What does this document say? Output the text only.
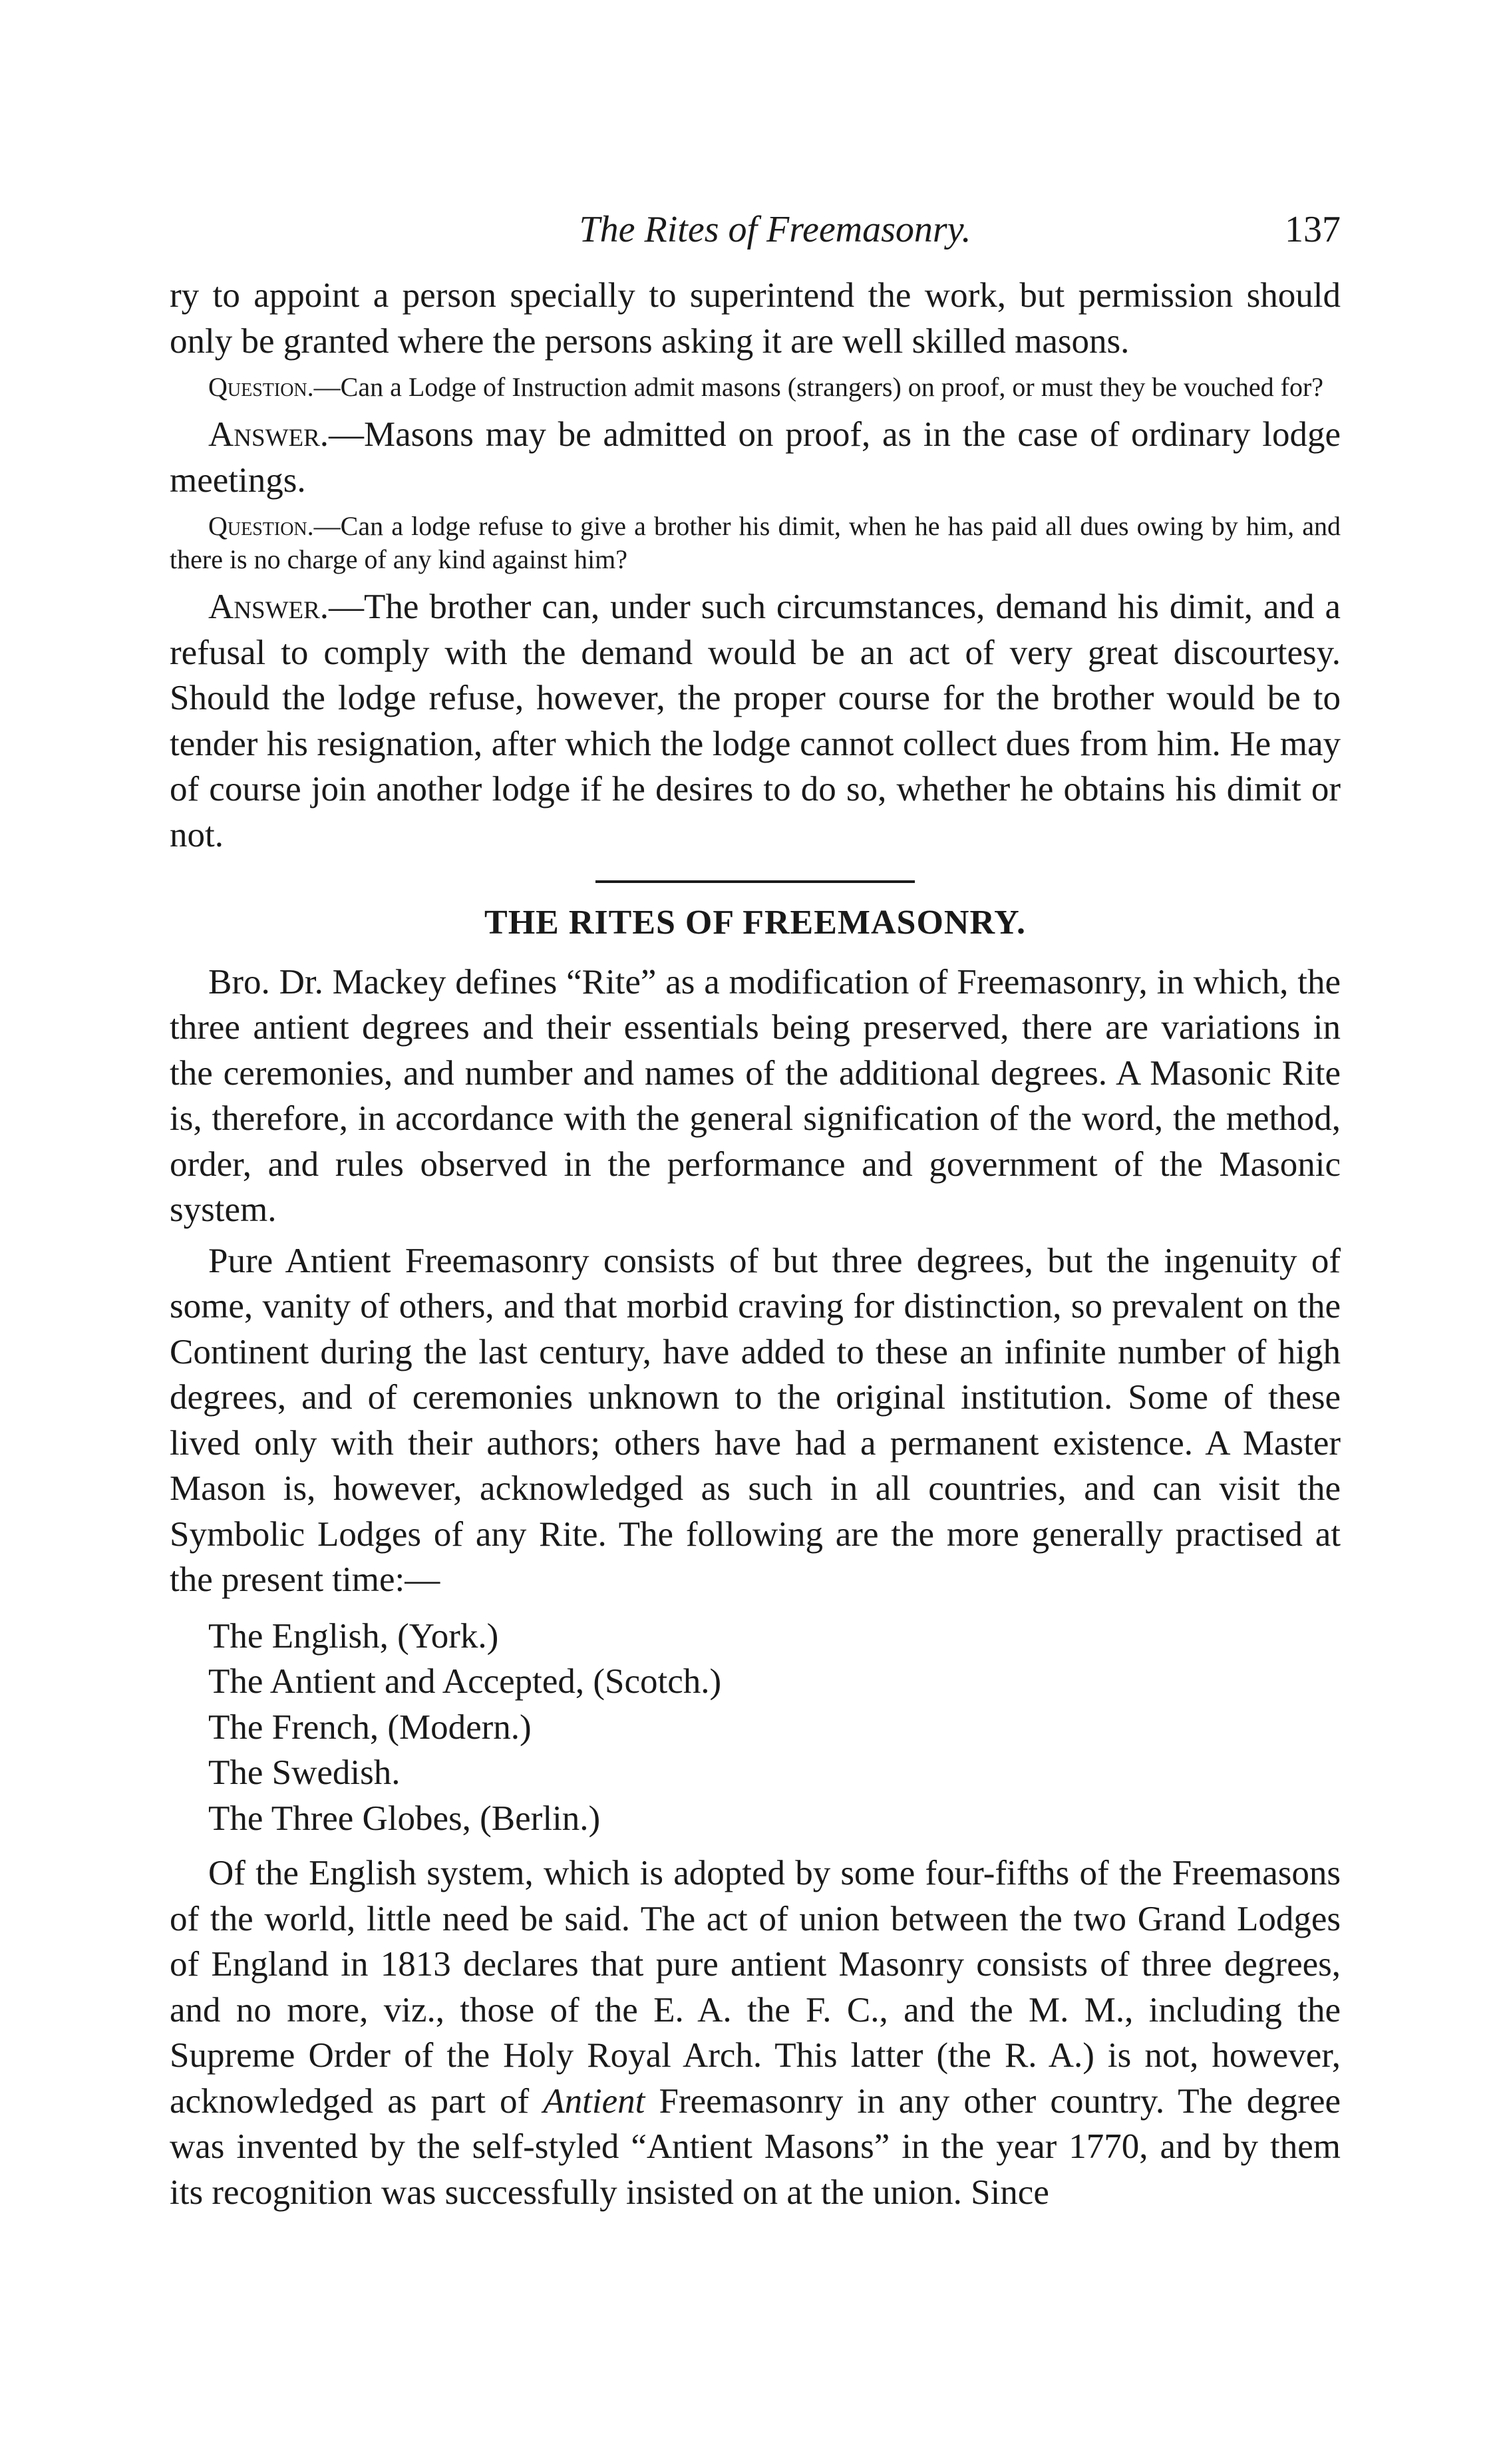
The Rites of Freemasonry.	137

ry to appoint a person specially to superintend the work, but permission should only be granted where the persons asking it are well skilled masons.

Question.—Can a Lodge of Instruction admit masons (strangers) on proof, or must they be vouched for?

Answer.—Masons may be admitted on proof, as in the case of ordinary lodge meetings.

Question.—Can a lodge refuse to give a brother his dimit, when he has paid all dues owing by him, and there is no charge of any kind against him?

Answer.—The brother can, under such circumstances, demand his dimit, and a refusal to comply with the demand would be an act of very great discourtesy. Should the lodge refuse, however, the proper course for the brother would be to tender his resignation, after which the lodge cannot collect dues from him. He may of course join another lodge if he desires to do so, whether he obtains his dimit or not.

THE RITES OF FREEMASONRY.

Bro. Dr. Mackey defines “Rite” as a modification of Freemasonry, in which, the three antient degrees and their essentials being preserved, there are variations in the ceremonies, and number and names of the additional degrees. A Masonic Rite is, therefore, in accordance with the general signification of the word, the method, order, and rules observed in the performance and government of the Masonic system.

Pure Antient Freemasonry consists of but three degrees, but the ingenuity of some, vanity of others, and that morbid craving for distinction, so prevalent on the Continent during the last century, have added to these an infinite number of high degrees, and of ceremonies unknown to the original institution. Some of these lived only with their authors; others have had a permanent existence. A Master Mason is, however, acknowledged as such in all countries, and can visit the Symbolic Lodges of any Rite. The following are the more generally practised at the present time:—

The English, (York.)
The Antient and Accepted, (Scotch.)
The French, (Modern.)
The Swedish.
The Three Globes, (Berlin.)

Of the English system, which is adopted by some four-fifths of the Freemasons of the world, little need be said. The act of union between the two Grand Lodges of England in 1813 declares that pure antient Masonry consists of three degrees, and no more, viz., those of the E. A. the F. C., and the M. M., including the Supreme Order of the Holy Royal Arch. This latter (the R. A.) is not, however, acknowledged as part of Antient Freemasonry in any other country. The degree was invented by the self-styled “Antient Masons” in the year 1770, and by them its recognition was successfully insisted on at the union. Since
